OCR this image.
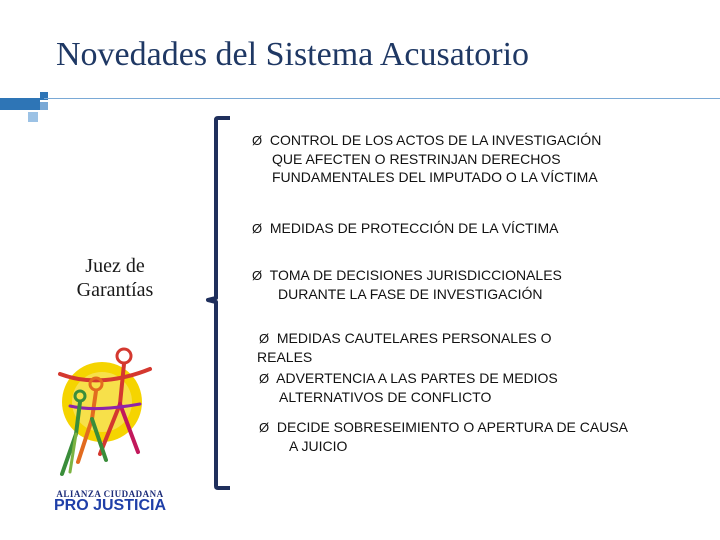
Novedades del Sistema Acusatorio
Juez de
Garantías
Ø CONTROL DE LOS ACTOS DE LA INVESTIGACIÓN
QUE AFECTEN O RESTRINJAN DERECHOS
FUNDAMENTALES DEL IMPUTADO O LA VÍCTIMA
Ø MEDIDAS DE PROTECCIÓN DE LA VÍCTIMA
Ø TOMA DE DECISIONES JURISDICCIONALES
DURANTE LA FASE DE INVESTIGACIÓN
Ø MEDIDAS CAUTELARES PERSONALES O
REALES
Ø ADVERTENCIA A LAS PARTES DE MEDIOS
ALTERNATIVOS DE CONFLICTO
Ø DECIDE SOBRESEIMIENTO O APERTURA DE CAUSA
A JUICIO
ALIANZA CIUDADANA
PRO JUSTICIA
